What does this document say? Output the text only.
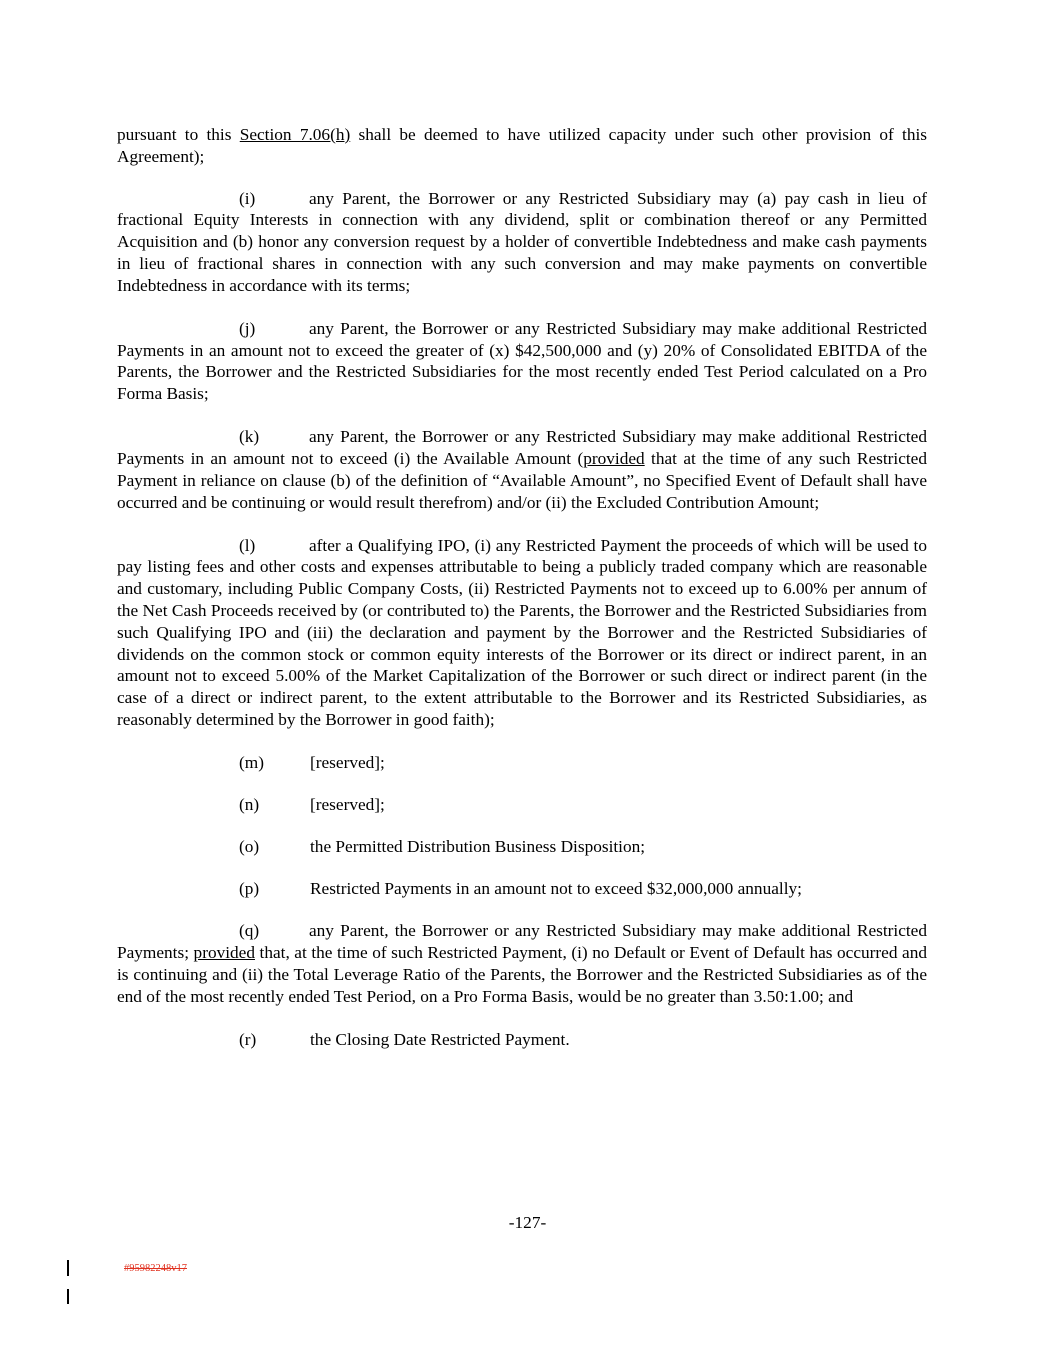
pursuant to this Section 7.06(h) shall be deemed to have utilized capacity under such other provision of this Agreement);

(i)	any Parent, the Borrower or any Restricted Subsidiary may (a) pay cash in lieu of fractional Equity Interests in connection with any dividend, split or combination thereof or any Permitted Acquisition and (b) honor any conversion request by a holder of convertible Indebtedness and make cash payments in lieu of fractional shares in connection with any such conversion and may make payments on convertible Indebtedness in accordance with its terms;

(j)	any Parent, the Borrower or any Restricted Subsidiary may make additional Restricted Payments in an amount not to exceed the greater of (x) $42,500,000 and (y) 20% of Consolidated EBITDA of the Parents, the Borrower and the Restricted Subsidiaries for the most recently ended Test Period calculated on a Pro Forma Basis;

(k)	any Parent, the Borrower or any Restricted Subsidiary may make additional Restricted Payments in an amount not to exceed (i) the Available Amount (provided that at the time of any such Restricted Payment in reliance on clause (b) of the definition of “Available Amount”, no Specified Event of Default shall have occurred and be continuing or would result therefrom) and/or (ii) the Excluded Contribution Amount;

(l)	after a Qualifying IPO, (i) any Restricted Payment the proceeds of which will be used to pay listing fees and other costs and expenses attributable to being a publicly traded company which are reasonable and customary, including Public Company Costs, (ii) Restricted Payments not to exceed up to 6.00% per annum of the Net Cash Proceeds received by (or contributed to) the Parents, the Borrower and the Restricted Subsidiaries from such Qualifying IPO and (iii) the declaration and payment by the Borrower and the Restricted Subsidiaries of dividends on the common stock or common equity interests of the Borrower or its direct or indirect parent, in an amount not to exceed 5.00% of the Market Capitalization of the Borrower or such direct or indirect parent (in the case of a direct or indirect parent, to the extent attributable to the Borrower and its Restricted Subsidiaries, as reasonably determined by the Borrower in good faith);

(m)	[reserved];

(n)	[reserved];

(o)	the Permitted Distribution Business Disposition;

(p)	Restricted Payments in an amount not to exceed $32,000,000 annually;

(q)	any Parent, the Borrower or any Restricted Subsidiary may make additional Restricted Payments; provided that, at the time of such Restricted Payment, (i) no Default or Event of Default has occurred and is continuing and (ii) the Total Leverage Ratio of the Parents, the Borrower and the Restricted Subsidiaries as of the end of the most recently ended Test Period, on a Pro Forma Basis, would be no greater than 3.50:1.00; and

(r)	the Closing Date Restricted Payment.

-127-
#95982248v17
